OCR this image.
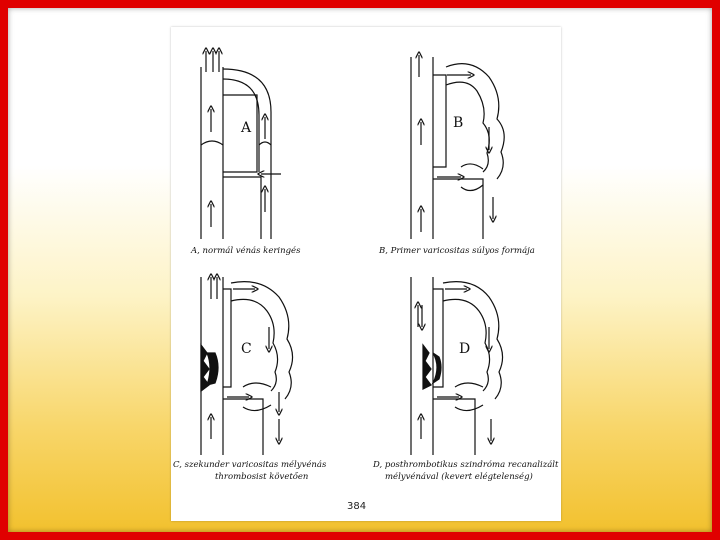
A	B
C	D
A, normál vénás keringés	B, Primer varicositas súlyos formája
C, szekunder varicositas mélyvénás
thrombosist követően
D, posthrombotikus szindróma recanalizált
mélyvénával (kevert elégtelenség)
384
